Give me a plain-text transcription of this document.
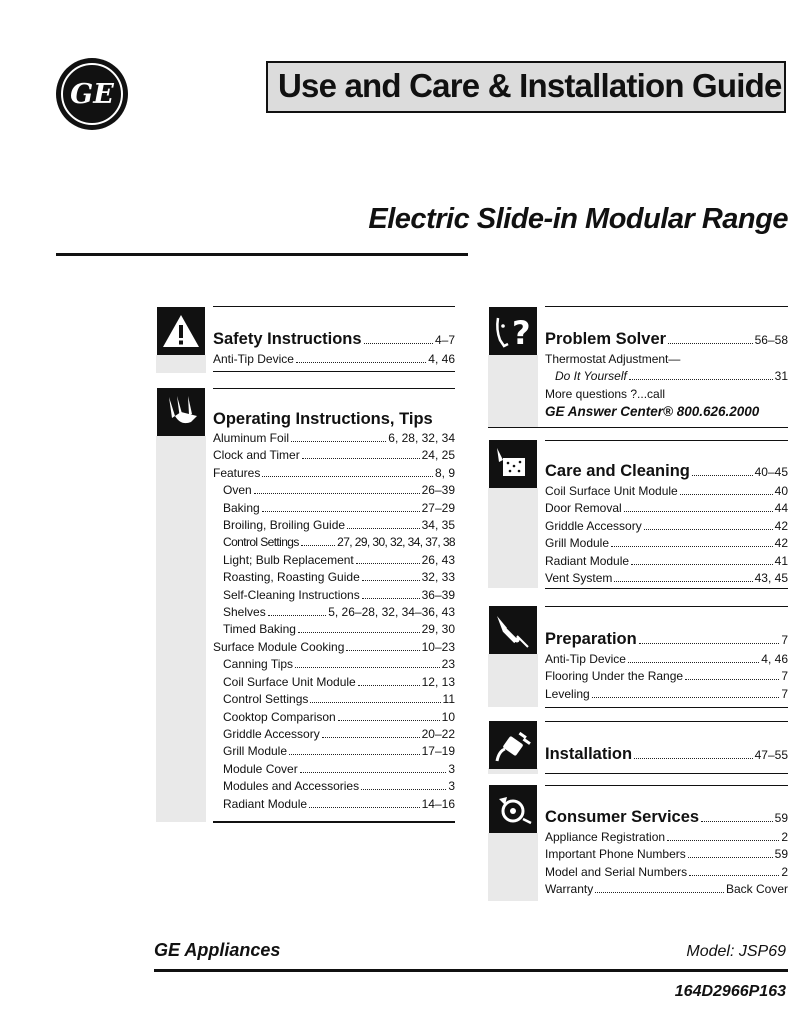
GE	Use and Care & Installation Guide
Electric Slide-in Modular Range
Safety Instructions	4–7
Anti-Tip Device	4, 46
Operating Instructions, Tips
Aluminum Foil	6, 28, 32, 34
Clock and Timer	24, 25
Features	8, 9
Oven	26–39
Baking	27–29
Broiling, Broiling Guide	34, 35
Control Settings	27, 29, 30, 32, 34, 37, 38
Light; Bulb Replacement	26, 43
Roasting, Roasting Guide	32, 33
Self-Cleaning Instructions	36–39
Shelves	5, 26–28, 32, 34–36, 43
Timed Baking	29, 30
Surface Module Cooking	10–23
Canning Tips	23
Coil Surface Unit Module	12, 13
Control Settings	11
Cooktop Comparison	10
Griddle Accessory	20–22
Grill Module	17–19
Module Cover	3
Modules and Accessories	3
Radiant Module	14–16
? Problem Solver	56–58
Thermostat Adjustment—
Do It Yourself	31
More questions ?...call
GE Answer Center® 800.626.2000
Care and Cleaning	40–45
Coil Surface Unit Module	40
Door Removal	44
Griddle Accessory	42
Grill Module	42
Radiant Module	41
Vent System	43, 45
Preparation	7
Anti-Tip Device	4, 46
Flooring Under the Range	7
Leveling	7
Installation	47–55
Consumer Services	59
Appliance Registration	2
Important Phone Numbers	59
Model and Serial Numbers	2
Warranty	Back Cover
GE Appliances	Model: JSP69
164D2966P163
